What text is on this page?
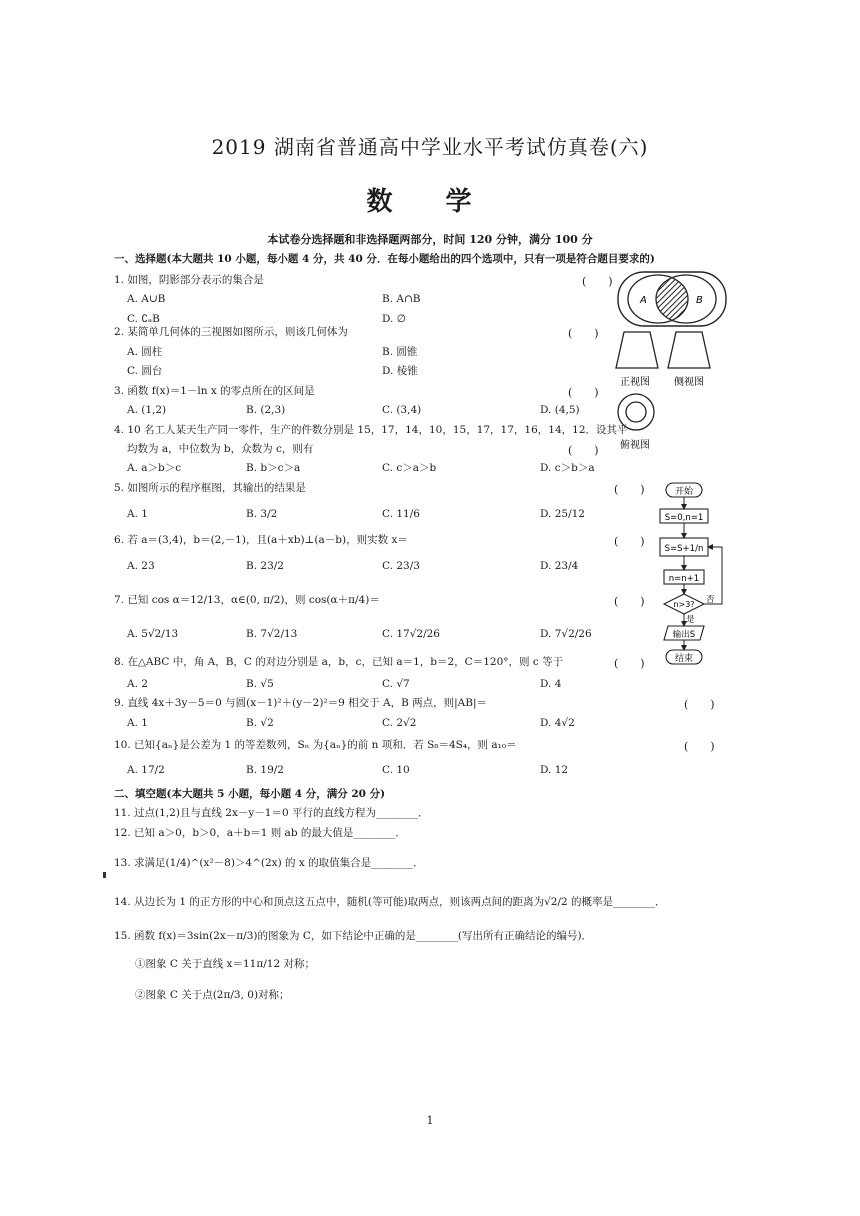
2019 湖南省普通高中学业水平考试仿真卷(六)
数 学
本试卷分选择题和非选择题两部分，时间 120 分钟，满分 100 分
一、选择题(本大题共 10 小题，每小题 4 分，共 40 分．在每小题给出的四个选项中，只有一项是符合题目要求的)
1. 如图，阴影部分表示的集合是	(　　)
A. A∪B	B. A∩B
C. ∁ₐB	D. ∅
2. 某简单几何体的三视图如图所示，则该几何体为	(　　)
A. 圆柱	B. 圆锥
C. 圆台	D. 棱锥
3. 函数 f(x)＝1－ln x 的零点所在的区间是	(　　)
A. (1,2)	B. (2,3)	C. (3,4)	D. (4,5)
4. 10 名工人某天生产同一零件，生产的件数分别是 15，17，14，10，15，17，17，16，14，12．设其平
均数为 a，中位数为 b，众数为 c，则有	(　　)
A. a＞b＞c	B. b＞c＞a	C. c＞a＞b	D. c＞b＞a
5. 如图所示的程序框图，其输出的结果是	(　　)
A. 1	B. 3/2	C. 11/6	D. 25/12
6. 若 a＝(3,4)，b＝(2,－1)，且(a＋xb)⊥(a－b)，则实数 x＝	(　　)
A. 23	B. 23/2	C. 23/3	D. 23/4
7. 已知 cos α＝12/13，α∈(0, π/2)，则 cos(α＋π/4)＝	(　　)
A. 5√2/13	B. 7√2/13	C. 17√2/26	D. 7√2/26
8. 在△ABC 中，角 A，B，C 的对边分别是 a，b，c，已知 a＝1，b＝2，C＝120°，则 c 等于	(　　)
A. 2	B. √5	C. √7	D. 4
9. 直线 4x＋3y－5＝0 与圆(x－1)²＋(y－2)²＝9 相交于 A，B 两点，则|AB|＝	(　　)
A. 1	B. √2	C. 2√2	D. 4√2
10. 已知{aₙ}是公差为 1 的等差数列，Sₙ 为{aₙ}的前 n 项和．若 S₈＝4S₄，则 a₁₀＝	(　　)
A. 17/2	B. 19/2	C. 10	D. 12
二、填空题(本大题共 5 小题，每小题 4 分，满分 20 分)
11. 过点(1,2)且与直线 2x－y－1＝0 平行的直线方程为________．
12. 已知 a＞0，b＞0，a＋b＝1 则 ab 的最大值是________．
13. 求满足(1/4)^(x²－8)＞4^(2x) 的 x 的取值集合是________．
14. 从边长为 1 的正方形的中心和顶点这五点中，随机(等可能)取两点，则该两点间的距离为√2/2 的概率是________．
15. 函数 f(x)＝3sin(2x－π/3)的图象为 C，如下结论中正确的是________(写出所有正确结论的编号)．
①图象 C 关于直线 x＝11π/12 对称；
②图象 C 关于点(2π/3, 0)对称；
1
A	B
正视图 侧视图
俯视图
开始
S=0,n=1
S=S+1/n
n=n+1
n>3? 否
是
输出S
结束
